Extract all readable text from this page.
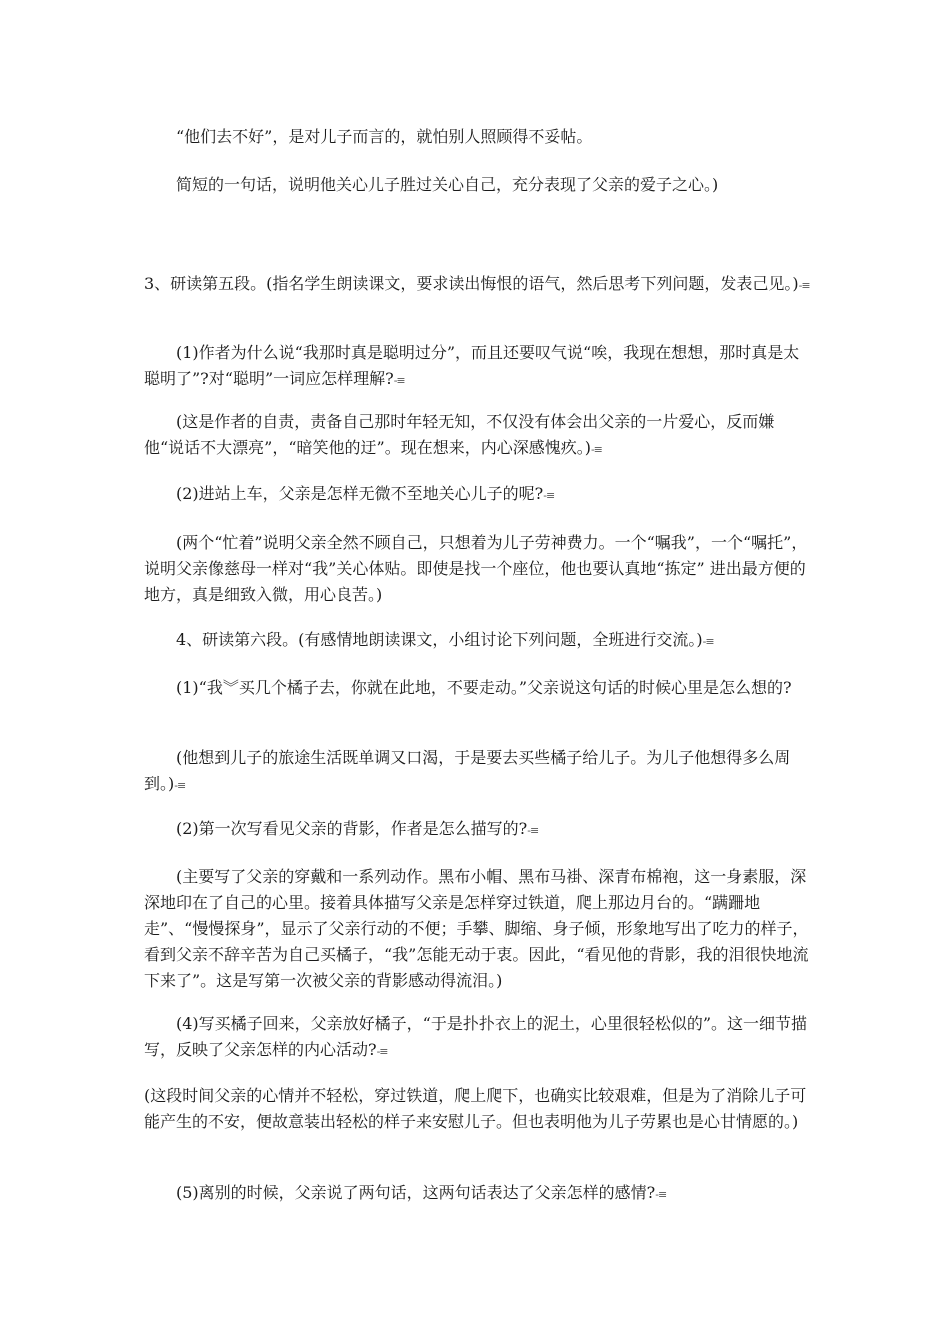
“他们去不好”，是对儿子而言的，就怕别人照顾得不妥帖。

简短的一句话，说明他关心儿子胜过关心自己，充分表现了父亲的爱子之心。)

3、研读第五段。(指名学生朗读课文，要求读出悔恨的语气，然后思考下列问题，发表己见。)-≡

(1)作者为什么说“我那时真是聪明过分”，而且还要叹气说“唉，我现在想想，那时真是太聪明了”?对“聪明”一词应怎样理解?-≡

(这是作者的自责，责备自己那时年轻无知，不仅没有体会出父亲的一片爱心，反而嫌他“说话不大漂亮”，“暗笑他的迂”。现在想来，内心深感愧疚。)-≡

(2)进站上车，父亲是怎样无微不至地关心儿子的呢?-≡

(两个“忙着”说明父亲全然不顾自己，只想着为儿子劳神费力。一个“嘱我”，一个“嘱托”，说明父亲像慈母一样对“我”关心体贴。即使是找一个座位，他也要认真地“拣定” 进出最方便的地方，真是细致入微，用心良苦。)

4、研读第六段。(有感情地朗读课文，小组讨论下列问题，全班进行交流。)-≡

(1)“我︾买几个橘子去，你就在此地，不要走动。”父亲说这句话的时候心里是怎么想的?

(他想到儿子的旅途生活既单调又口渴，于是要去买些橘子给儿子。为儿子他想得多么周到。)-≡

(2)第一次写看见父亲的背影，作者是怎么描写的?-≡

(主要写了父亲的穿戴和一系列动作。黑布小帽、黑布马褂、深青布棉袍，这一身素服，深深地印在了自己的心里。接着具体描写父亲是怎样穿过铁道，爬上那边月台的。“蹒跚地走”、“慢慢探身”，显示了父亲行动的不便；手攀、脚缩、身子倾，形象地写出了吃力的样子，看到父亲不辞辛苦为自己买橘子，“我”怎能无动于衷。因此，“看见他的背影，我的泪很快地流下来了”。这是写第一次被父亲的背影感动得流泪。)

(4)写买橘子回来，父亲放好橘子，“于是扑扑衣上的泥土，心里很轻松似的”。这一细节描写，反映了父亲怎样的内心活动?-≡

(这段时间父亲的心情并不轻松，穿过铁道，爬上爬下，也确实比较艰难，但是为了消除儿子可能产生的不安，便故意装出轻松的样子来安慰儿子。但也表明他为儿子劳累也是心甘情愿的。)

(5)离别的时候，父亲说了两句话，这两句话表达了父亲怎样的感情?-≡
